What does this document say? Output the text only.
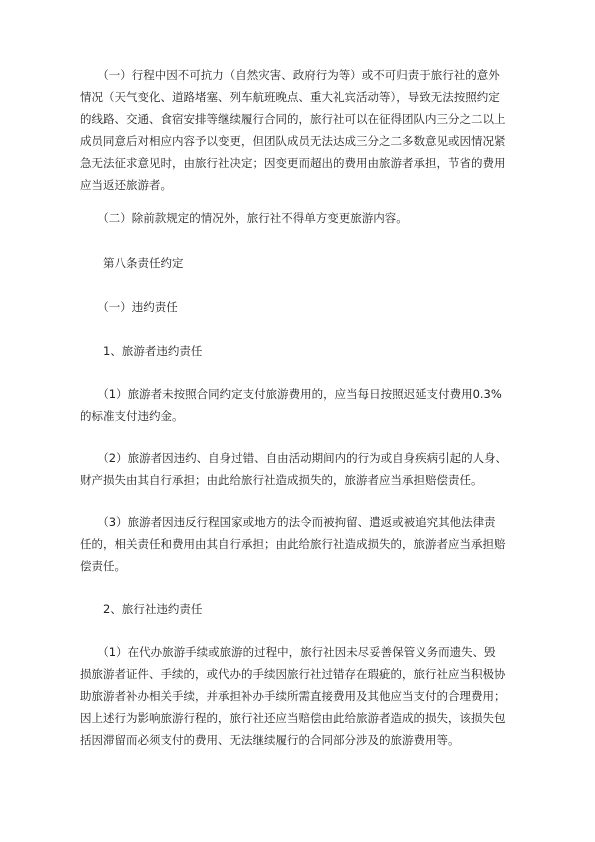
　　（一）行程中因不可抗力（自然灾害、政府行为等）或不可归责于旅行社的意外
情况（天气变化、道路堵塞、列车航班晚点、重大礼宾活动等），导致无法按照约定
的线路、交通、食宿安排等继续履行合同的，旅行社可以在征得团队内三分之二以上
成员同意后对相应内容予以变更，但团队成员无法达成三分之二多数意见或因情况紧
急无法征求意见时，由旅行社决定；因变更而超出的费用由旅游者承担，节省的费用
应当返还旅游者。
　　（二）除前款规定的情况外，旅行社不得单方变更旅游内容。
　　第八条责任约定
　　（一）违约责任
　　1、旅游者违约责任
　　（1）旅游者未按照合同约定支付旅游费用的，应当每日按照迟延支付费用0.3%
的标准支付违约金。
　　（2）旅游者因违约、自身过错、自由活动期间内的行为或自身疾病引起的人身、
财产损失由其自行承担；由此给旅行社造成损失的，旅游者应当承担赔偿责任。
　　（3）旅游者因违反行程国家或地方的法令而被拘留、遣返或被追究其他法律责
任的，相关责任和费用由其自行承担；由此给旅行社造成损失的，旅游者应当承担赔
偿责任。
　　2、旅行社违约责任
　　（1）在代办旅游手续或旅游的过程中，旅行社因未尽妥善保管义务而遗失、毁
损旅游者证件、手续的，或代办的手续因旅行社过错存在瑕疵的，旅行社应当积极协
助旅游者补办相关手续，并承担补办手续所需直接费用及其他应当支付的合理费用；
因上述行为影响旅游行程的，旅行社还应当赔偿由此给旅游者造成的损失，该损失包
括因滞留而必须支付的费用、无法继续履行的合同部分涉及的旅游费用等。
